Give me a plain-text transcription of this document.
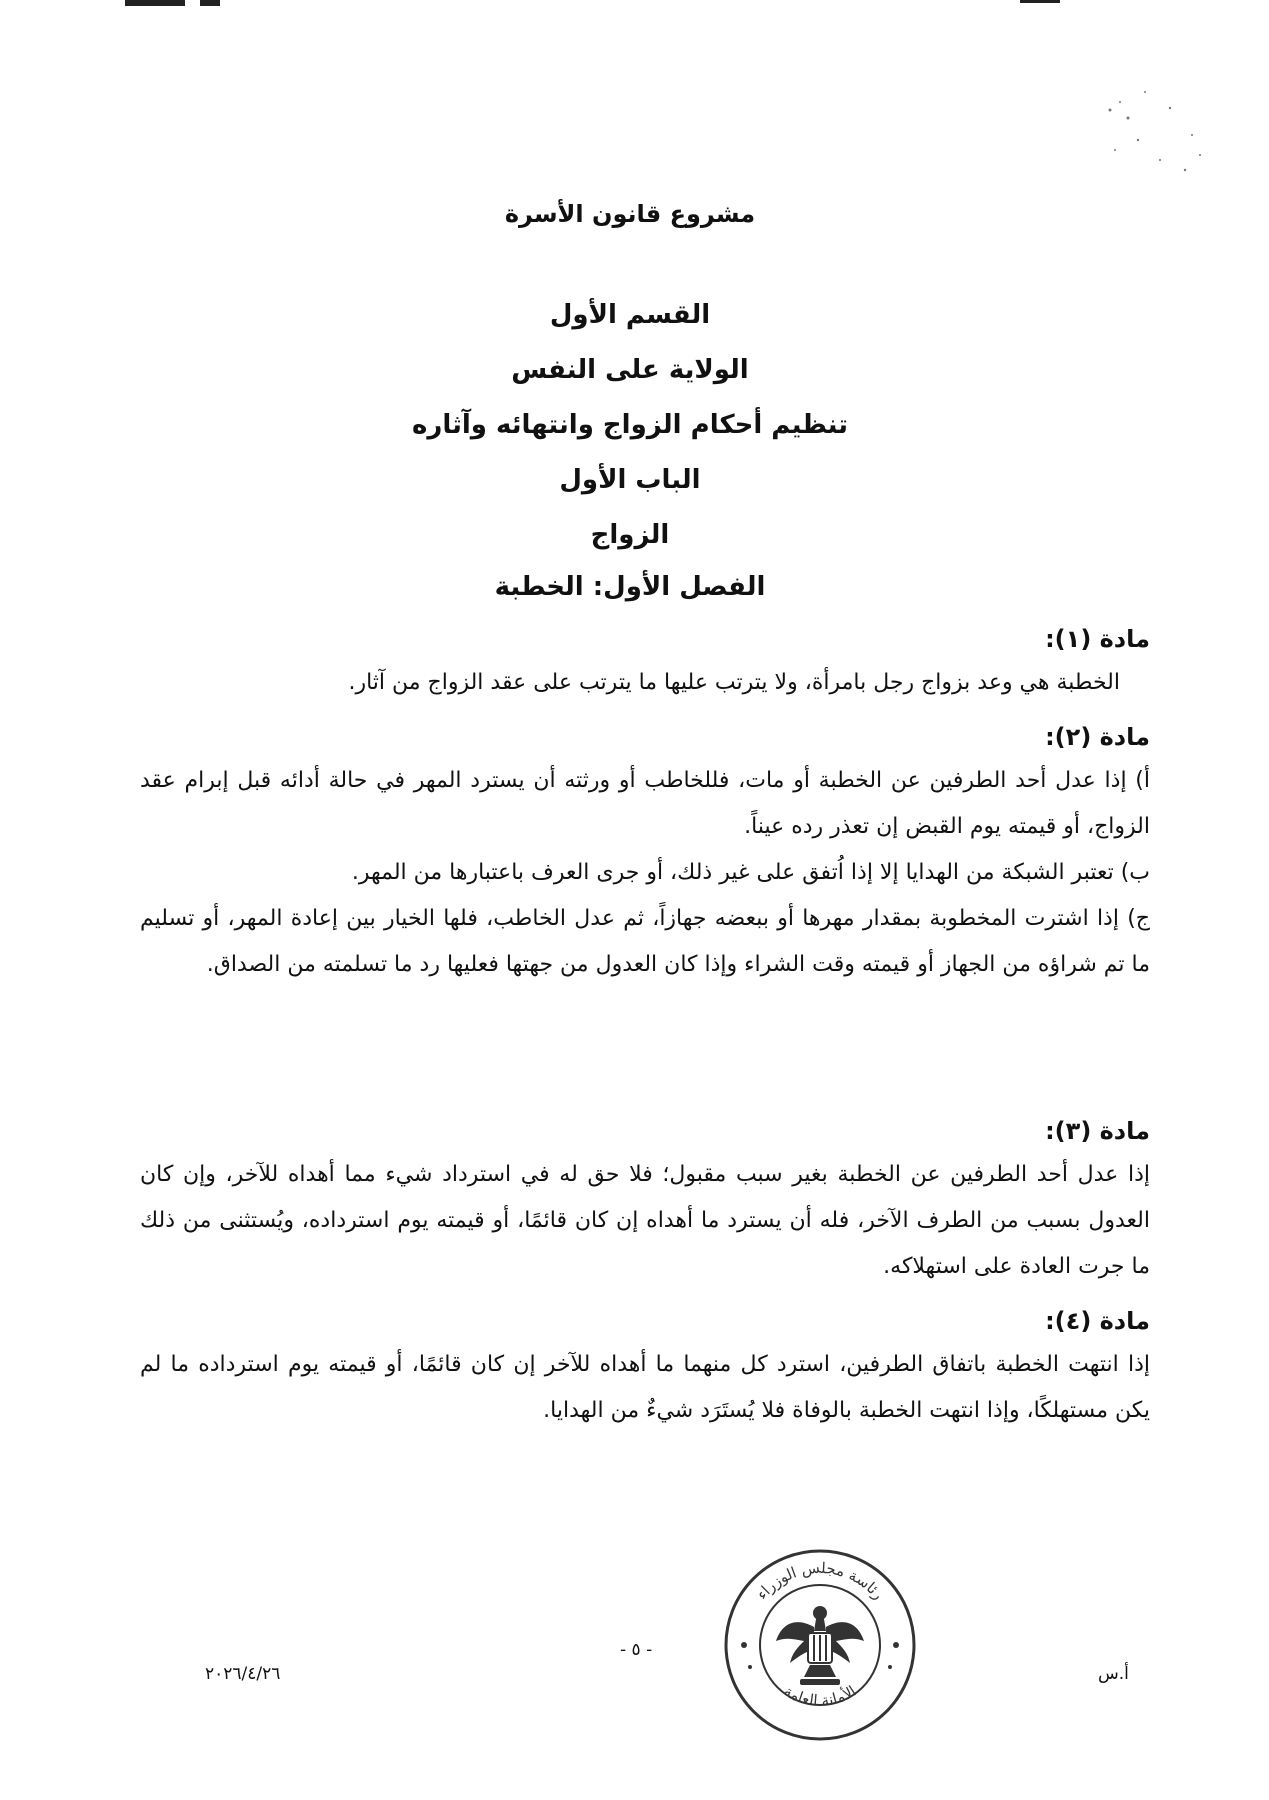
مشروع قانون الأسرة
القسم الأول
الولاية على النفس
تنظيم أحكام الزواج وانتهائه وآثاره
الباب الأول
الزواج
الفصل الأول: الخطبة
مادة (١):

الخطبة هي وعد بزواج رجل بامرأة، ولا يترتب عليها ما يترتب على عقد الزواج من آثار.

مادة (٢):

أ) إذا عدل أحد الطرفين عن الخطبة أو مات، فللخاطب أو ورثته أن يسترد المهر في حالة أدائه قبل إبرام عقد الزواج، أو قيمته يوم القبض إن تعذر رده عيناً.

ب) تعتبر الشبكة من الهدايا إلا إذا اُتفق على غير ذلك، أو جرى العرف باعتبارها من المهر.

ج) إذا اشترت المخطوبة بمقدار مهرها أو ببعضه جهازاً، ثم عدل الخاطب، فلها الخيار بين إعادة المهر، أو تسليم ما تم شراؤه من الجهاز أو قيمته وقت الشراء وإذا كان العدول من جهتها فعليها رد ما تسلمته من الصداق.

مادة (٣):

إذا عدل أحد الطرفين عن الخطبة بغير سبب مقبول؛ فلا حق له في استرداد شيء مما أهداه للآخر، وإن كان العدول بسبب من الطرف الآخر، فله أن يسترد ما أهداه إن كان قائمًا، أو قيمته يوم استرداده، ويُستثنى من ذلك ما جرت العادة على استهلاكه.

مادة (٤):

إذا انتهت الخطبة باتفاق الطرفين، استرد كل منهما ما أهداه للآخر إن كان قائمًا، أو قيمته يوم استرداده ما لم يكن مستهلكًا، وإذا انتهت الخطبة بالوفاة فلا يُستَرَد شيءٌ من الهدايا.

٢٠٢٦/٤/٢٦
- ٥ -
أ.س
رئاسة مجلس الوزراء
الأمانة العامة
